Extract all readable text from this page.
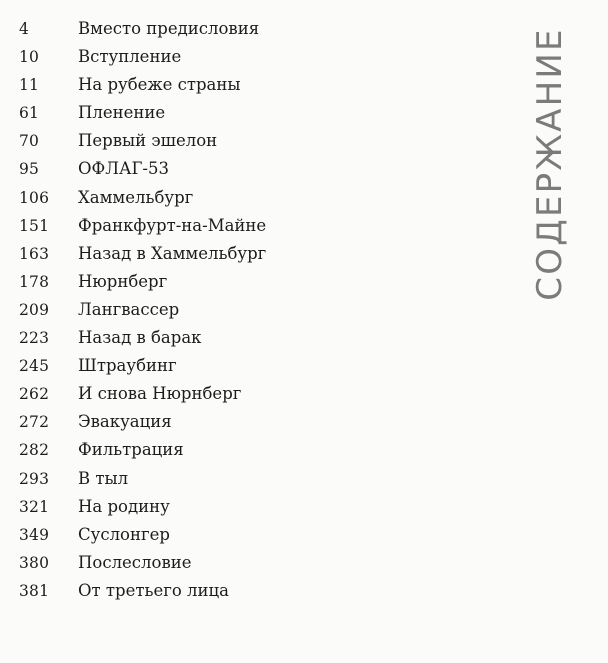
4	Вместо предисловия
10 Вступление
11 На рубеже страны
61 Пленение
70 Первый эшелон
95 ОФЛАГ-53
106 Хаммельбург
151 Франкфурт-на-Майне
163 Назад в Хаммельбург
178 Нюрнберг
209 Лангвассер
223 Назад в барак
245 Штраубинг
262 И снова Нюрнберг
272 Эвакуация
282 Фильтрация
293 В тыл
321 На родину
349 Суслонгер
380 Послесловие
381 От третьего лица
СОДЕРЖАНИЕ
